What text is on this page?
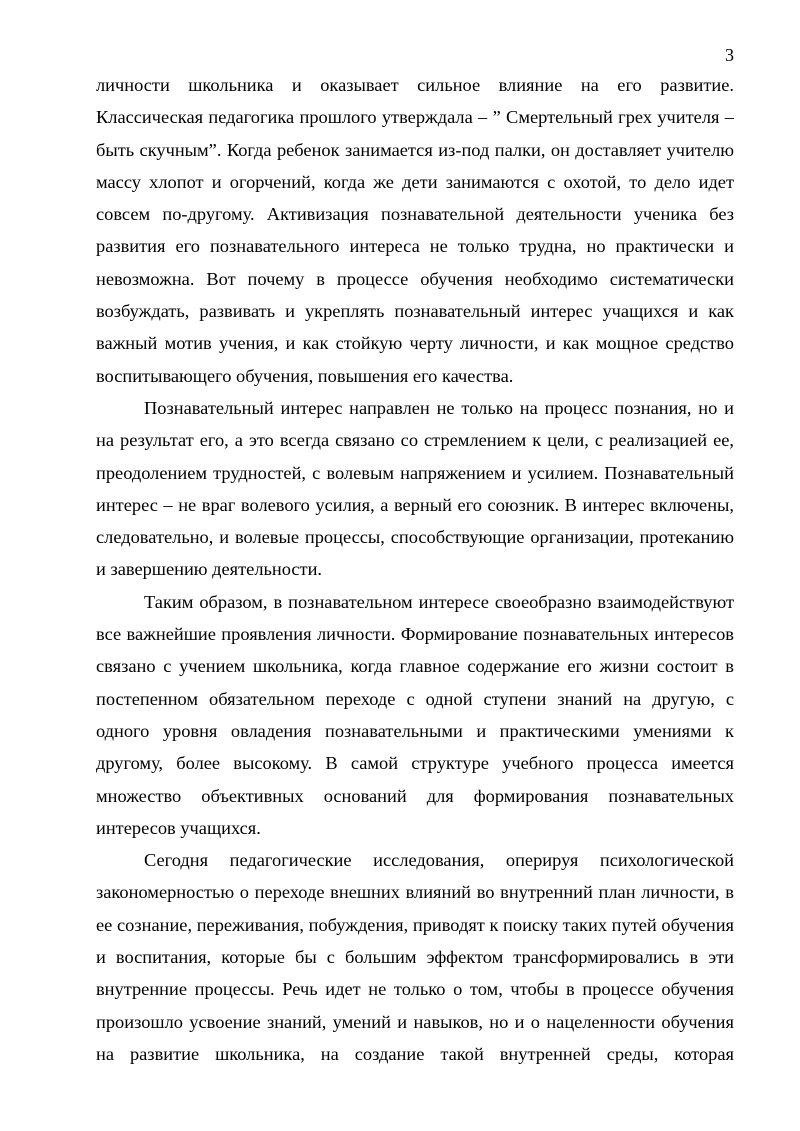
3

личности школьника и оказывает сильное влияние на его развитие. Классическая педагогика прошлого утверждала – ” Смертельный грех учителя – быть скучным”. Когда ребенок занимается из-под палки, он доставляет учителю массу хлопот и огорчений, когда же дети занимаются с охотой, то дело идет совсем по-другому. Активизация познавательной деятельности ученика без развития его познавательного интереса не только трудна, но практически и невозможна. Вот почему в процессе обучения необходимо систематически возбуждать, развивать и укреплять познавательный интерес учащихся и как важный мотив учения, и как стойкую черту личности, и как мощное средство воспитывающего обучения, повышения его качества.

Познавательный интерес направлен не только на процесс познания, но и на результат его, а это всегда связано со стремлением к цели, с реализацией ее, преодолением трудностей, с волевым напряжением и усилием. Познавательный интерес – не враг волевого усилия, а верный его союзник. В интерес включены, следовательно, и волевые процессы, способствующие организации, протеканию и завершению деятельности.

Таким образом, в познавательном интересе своеобразно взаимодействуют все важнейшие проявления личности. Формирование познавательных интересов связано с учением школьника, когда главное содержание его жизни состоит в постепенном обязательном переходе с одной ступени знаний на другую, с одного уровня овладения познавательными и практическими умениями к другому, более высокому. В самой структуре учебного процесса имеется множество объективных оснований для формирования познавательных интересов учащихся.

Сегодня педагогические исследования, оперируя психологической закономерностью о переходе внешних влияний во внутренний план личности, в ее сознание, переживания, побуждения, приводят к поиску таких путей обучения и воспитания, которые бы с большим эффектом трансформировались в эти внутренние процессы. Речь идет не только о том, чтобы в процессе обучения произошло усвоение знаний, умений и навыков, но и о нацеленности обучения на развитие школьника, на создание такой внутренней среды, которая
